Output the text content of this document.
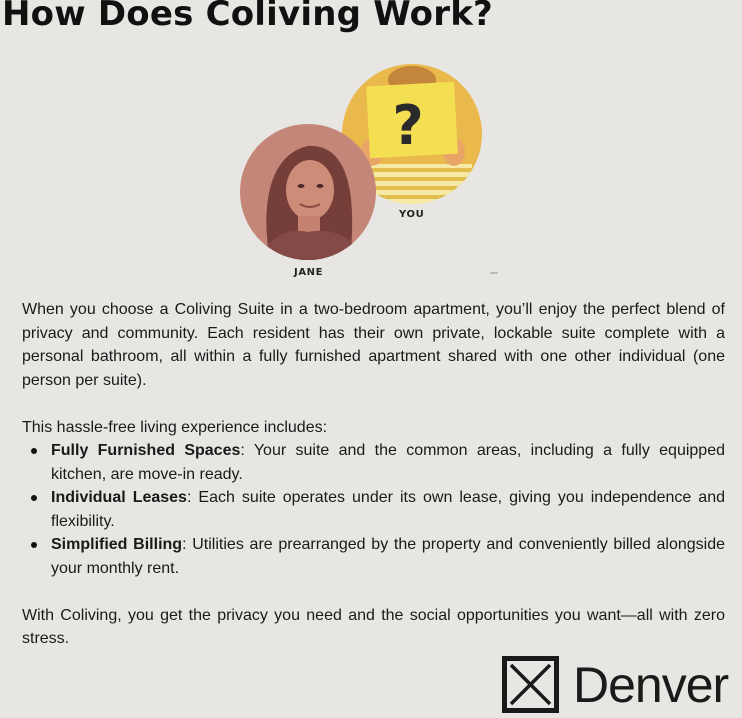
How Does Coliving Work?
?
YOU
JANE

When you choose a Coliving Suite in a two-bedroom apartment, you’ll enjoy the perfect blend of privacy and community. Each resident has their own private, lockable suite complete with a personal bathroom, all within a fully furnished apartment shared with one other individual (one person per suite).

This hassle-free living experience includes:

Fully Furnished Spaces: Your suite and the common areas, including a fully equipped kitchen, are move-in ready.
Individual Leases: Each suite operates under its own lease, giving you independence and flexibility.
Simplified Billing: Utilities are prearranged by the property and conveniently billed alongside your monthly rent.

With Coliving, you get the privacy you need and the social opportunities you want—all with zero stress.

Denver
